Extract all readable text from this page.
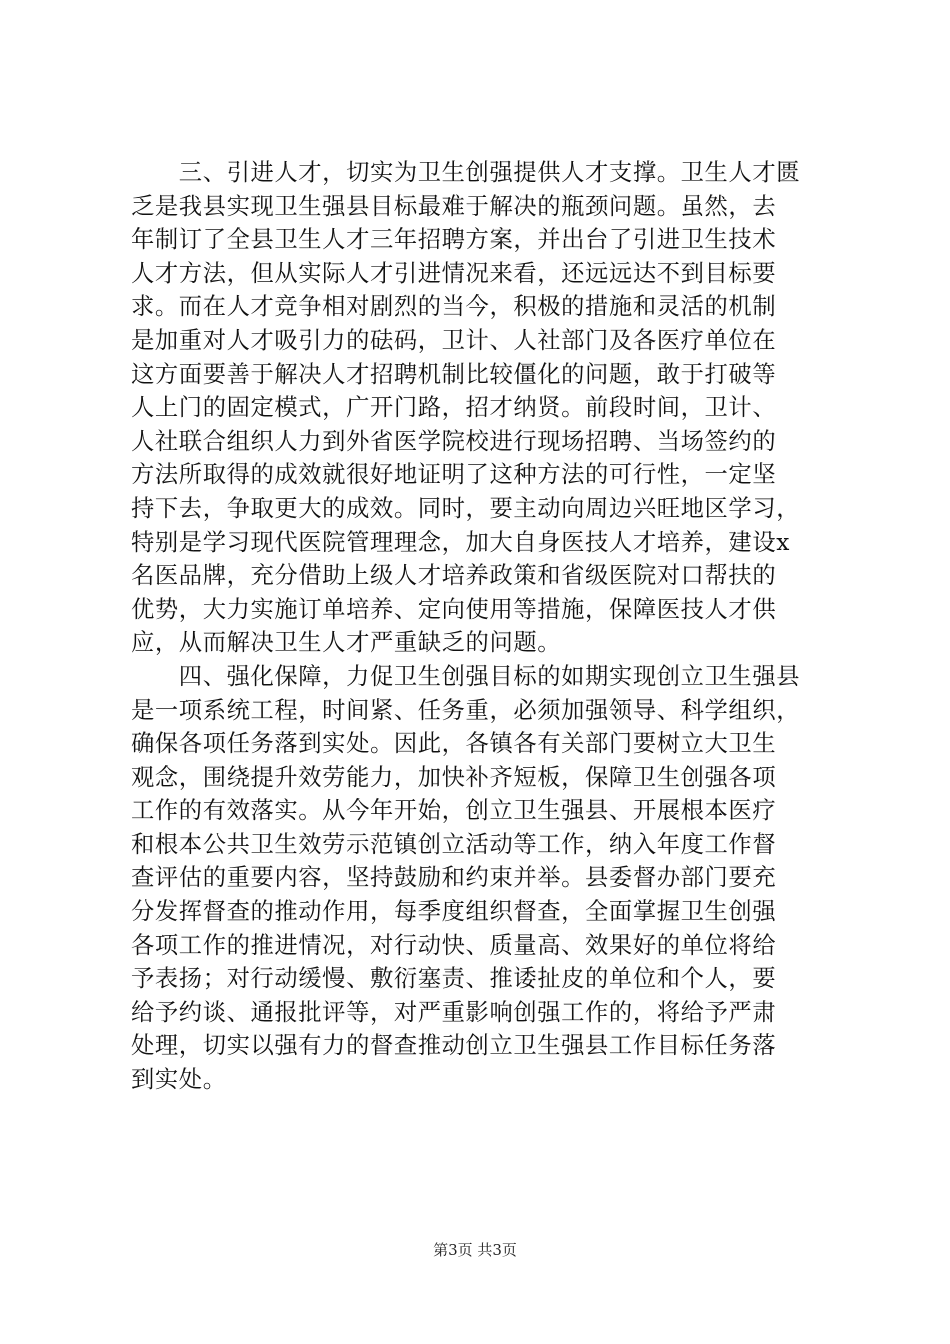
　　三、引进人才，切实为卫生创强提供人才支撑。卫生人才匮
乏是我县实现卫生强县目标最难于解决的瓶颈问题。虽然，去
年制订了全县卫生人才三年招聘方案，并出台了引进卫生技术
人才方法，但从实际人才引进情况来看，还远远达不到目标要
求。而在人才竞争相对剧烈的当今，积极的措施和灵活的机制
是加重对人才吸引力的砝码，卫计、人社部门及各医疗单位在
这方面要善于解决人才招聘机制比较僵化的问题，敢于打破等
人上门的固定模式，广开门路，招才纳贤。前段时间，卫计、
人社联合组织人力到外省医学院校进行现场招聘、当场签约的
方法所取得的成效就很好地证明了这种方法的可行性，一定坚
持下去，争取更大的成效。同时，要主动向周边兴旺地区学习，
特别是学习现代医院管理理念，加大自身医技人才培养，建设x
名医品牌，充分借助上级人才培养政策和省级医院对口帮扶的
优势，大力实施订单培养、定向使用等措施，保障医技人才供
应，从而解决卫生人才严重缺乏的问题。
　　四、强化保障，力促卫生创强目标的如期实现创立卫生强县
是一项系统工程，时间紧、任务重，必须加强领导、科学组织，
确保各项任务落到实处。因此，各镇各有关部门要树立大卫生
观念，围绕提升效劳能力，加快补齐短板，保障卫生创强各项
工作的有效落实。从今年开始，创立卫生强县、开展根本医疗
和根本公共卫生效劳示范镇创立活动等工作，纳入年度工作督
查评估的重要内容，坚持鼓励和约束并举。县委督办部门要充
分发挥督查的推动作用，每季度组织督查，全面掌握卫生创强
各项工作的推进情况，对行动快、质量高、效果好的单位将给
予表扬；对行动缓慢、敷衍塞责、推诿扯皮的单位和个人，要
给予约谈、通报批评等，对严重影响创强工作的，将给予严肃
处理，切实以强有力的督查推动创立卫生强县工作目标任务落
到实处。
第3页 共3页
